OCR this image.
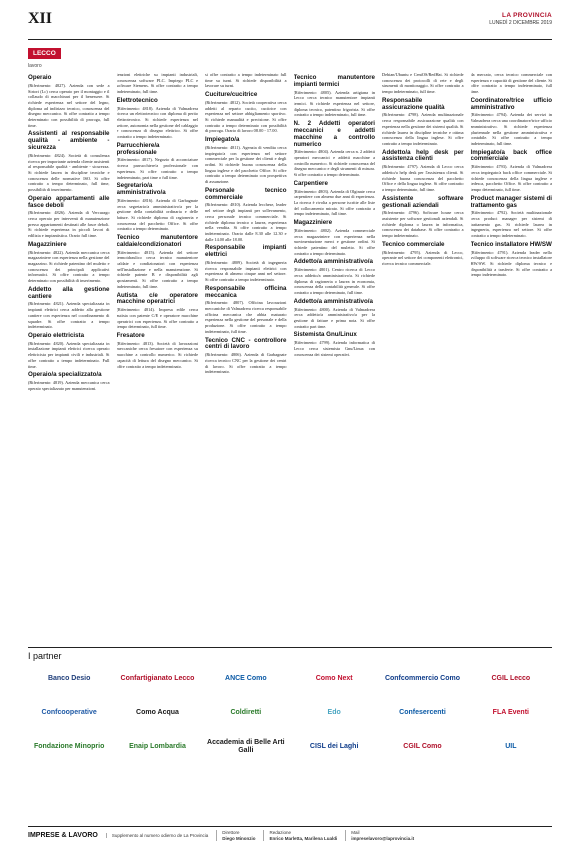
XII	LA PROVINCIA
LUNEDÌ 2 DICEMBRE 2019
LECCO
lavoro
Operaio

(Riferimento: 4827). Azienda con sede a Sirtori (Lc) cerca operaio per il montaggio e il collaudo di macchinari per il benessere. Si richiede esperienza nel settore del legno, diploma ad indirizzo tecnico, conoscenza del disegno meccanico. Si offre contratto a tempo determinato con possibilità di proroga, full time.

Assistenti al responsabile qualità - ambiente - sicurezza

(Riferimento: 4824). Società di consulenza ricerca per importante azienda cliente assistenti al responsabile qualità - ambiente - sicurezza. Si richiede laurea in discipline tecniche e conoscenza delle normative ISO. Si offre contratto a tempo determinato, full time, possibilità di inserimento.

Operaio appartamenti alle fasce deboli

(Riferimento: 4826). Azienda di Vercurago cerca operaio per interventi di manutenzione presso appartamenti destinati alle fasce deboli. Si richiede esperienza in piccoli lavori di edilizia e impiantistica. Orario full time.

Magazziniere

(Riferimento: 4822). Azienda meccanica cerca magazziniere con esperienza nella gestione del magazzino. Si richiede patentino del muletto e conoscenza dei principali applicativi informatici. Si offre contratto a tempo determinato con possibilità di inserimento.

Addetto alla gestione cantiere

(Riferimento: 4821). Azienda specializzata in impianti elettrici cerca addetto alla gestione cantiere con esperienza nel coordinamento di squadre. Si offre contratto a tempo indeterminato.

Operaio elettricista

(Riferimento: 4820). Azienda specializzata in installazione impianti elettrici ricerca operaio elettricista per impianti civili e industriali. Si offre contratto a tempo indeterminato. Full time.

Operaio/a specializzato/a

(Riferimento: 4819). Azienda meccanica cerca operaio specializzato per manutenzioni.

tenzioni elettriche su impianti industriali, conoscenza software PLC. Impiego PLC e software Siemens. Si offre contratto a tempo indeterminato, full time.

Elettrotecnico

(Riferimento: 4818). Azienda di Valmadrera ricerca un elettrotecnico con diploma di perito elettrotecnico. Si richiede esperienza nel settore, autonomia nella gestione del cablaggio e conoscenza di disegno elettrico. Si offre contratto a tempo indeterminato.

Parrucchiere/a professionale

(Riferimento: 4817). Negozio di acconciature ricerca parrucchiere/a professionale con esperienza. Si offre contratto a tempo indeterminato, part time o full time.

Segretario/a amministrativo/a

(Riferimento: 4816). Azienda di Garbagnate cerca segretario/a amministrativo/a per la gestione della contabilità ordinaria e delle fatture. Si richiede diploma di ragioneria e conoscenza del pacchetto Office. Si offre contratto a tempo determinato.

Tecnico manutentore caldaie/condizionatori

(Riferimento: 4815). Azienda del settore termoidraulico cerca tecnico manutentore caldaie e condizionatori con esperienza nell'installazione e nella manutenzione. Si richiede patente B e disponibilità agli spostamenti. Si offre contratto a tempo indeterminato, full time.

Autista c/e operatore macchine operatrici

(Riferimento: 4814). Impresa edile cerca autista con patente C/E e operatore macchine operatrici con esperienza. Si offre contratto a tempo determinato, full time.

Fresatore

(Riferimento: 4813). Società di lavorazioni meccaniche cerca fresatore con esperienza su macchine a controllo numerico. Si richiede capacità di lettura del disegno meccanico. Si offre contratto a tempo indeterminato.

si offre contratto a tempo indeterminato full time su turni. Si richiede disponibilità a lavorare su turni.

Cuciture/cucitrice

(Riferimento: 4812). Società cooperativa cerca addetti al reparto cucito, cucitrice con esperienza nel settore abbigliamento sportivo. Si richiede manualità e precisione. Si offre contratto a tempo determinato con possibilità di proroga. Orario di lavoro 08.00 - 17.00.

Impiegato/a

(Riferimento: 4811). Agenzia di vendita cerca impiegato/a con esperienza nel settore commerciale per la gestione dei clienti e degli ordini. Si richiede buona conoscenza della lingua inglese e del pacchetto Office. Si offre contratto a tempo determinato con prospettiva di assunzione.

Personale tecnico commerciale

(Riferimento: 4810). Azienda lecchese, leader nel settore degli impianti per sollevamento, cerca personale tecnico commerciale. Si richiede diploma tecnico o laurea, esperienza nella vendita. Si offre contratto a tempo indeterminato. Orario dalle 8.30 alle 12.30 e dalle 14.00 alle 18.00.

Responsabile impianti elettrici

(Riferimento: 4809). Società di ingegneria ricerca responsabile impianti elettrici con esperienza di almeno cinque anni nel settore. Si offre contratto a tempo indeterminato.

Responsabile officina meccanica

(Riferimento: 4807). Officina lavorazioni meccaniche di Valmadrera ricerca responsabile officina meccanica che abbia maturato esperienza nella gestione del personale e della produzione. Si offre contratto a tempo indeterminato, full time.

Tecnico CNC - controllore centri di lavoro

(Riferimento: 4806). Azienda di Garbagnate ricerca tecnico CNC per la gestione dei centri di lavoro. Si offre contratto a tempo indeterminato.

Tecnico manutentore impianti termici

(Riferimento: 4805). Azienda artigiana in Lecco cerca tecnico manutentore impianti termici. Si richiede esperienza nel settore, diploma tecnico, patentino frigorista. Si offre contratto a tempo indeterminato, full time.

N. 2 Addetti operatori meccanici e addetti macchine a controllo numerico

(Riferimento: 4804). Azienda cerca n. 2 addetti operatori meccanici e addetti macchine a controllo numerico. Si richiede conoscenza del disegno meccanico e degli strumenti di misura. Si offre contratto a tempo determinato.

Carpentiere

(Riferimento: 4803). Azienda di Olginate cerca carpentiere con almeno due anni di esperienza. La ricerca è rivolta a persone iscritte alle liste del collocamento mirato. Si offre contratto a tempo indeterminato, full time.

Magazziniere

(Riferimento: 4802). Azienda commerciale cerca magazziniere con esperienza nella movimentazione merci e gestione ordini. Si richiede patentino del muletto. Si offre contratto a tempo determinato.

Addetto/a amministrativo/a

(Riferimento: 4801). Centro ricerca di Lecco cerca addetto/a amministrativo/a. Si richiede diploma di ragioneria o laurea in economia, conoscenza della contabilità generale. Si offre contratto a tempo determinato, full time.

Addetto/a amministrativo/a

(Riferimento: 4800). Azienda di Valmadrera cerca addetto/a amministrativo/a per la gestione di fatture e prima nota. Si offre contratto part time.

Sistemista Gnu/Linux

(Riferimento: 4799). Azienda informatica di Lecco cerca sistemista Gnu/Linux con conoscenza dei sistemi operativi.

Debian/Ubuntu e CentOS/RedHat. Si richiede conoscenza dei protocolli di rete e degli strumenti di monitoraggio. Si offre contratto a tempo indeterminato, full time.

Responsabile assicurazione qualità

(Riferimento: 4798). Azienda multinazionale cerca responsabile assicurazione qualità con esperienza nella gestione dei sistemi qualità. Si richiede laurea in discipline tecniche e ottima conoscenza della lingua inglese. Si offre contratto a tempo indeterminato.

Addetto/a help desk per assistenza clienti

(Riferimento: 4797). Azienda di Lecco cerca addetto/a help desk per l'assistenza clienti. Si richiede buona conoscenza del pacchetto Office e della lingua inglese. Si offre contratto a tempo determinato, full time.

Assistente software gestionali aziendali

(Riferimento: 4796). Software house cerca assistente per software gestionali aziendali. Si richiede diploma o laurea in informatica, conoscenza dei database. Si offre contratto a tempo indeterminato.

Tecnico commerciale

(Riferimento: 4795). Azienda di Lecco, operante nel settore dei componenti elettronici, ricerca tecnico commerciale.

da mercato, cerca tecnico commerciale con esperienza e capacità di gestione del cliente. Si offre contratto a tempo indeterminato, full time.

Coordinatore/trice ufficio amministrativo

(Riferimento: 4794). Azienda dei servizi in Valmadrera cerca una coordinatore/trice ufficio amministrativo. Si richiede esperienza pluriennale nella gestione amministrativa e contabile. Si offre contratto a tempo indeterminato, full time.

Impiegato/a back office commerciale

(Riferimento: 4793). Azienda di Valmadrera cerca impiegato/a back office commerciale. Si richiede conoscenza della lingua inglese e tedesca, pacchetto Office. Si offre contratto a tempo determinato, full time.

Product manager sistemi di trattamento gas

(Riferimento: 4792). Società multinazionale cerca product manager per sistemi di trattamento gas. Si richiede laurea in ingegneria, esperienza nel settore. Si offre contratto a tempo indeterminato.

Tecnico installatore HW/SW

(Riferimento: 4791). Azienda leader nello sviluppo di software ricerca tecnico installatore HW/SW. Si richiede diploma tecnico e disponibilità a trasferte. Si offre contratto a tempo indeterminato.

I partner
Banco Desio	Confartigianato Lecco	ANCE Como	Como Next	Confcommercio Como	CGIL Lecco
Confcooperative	Como Acqua	Coldiretti	Edo	Confesercenti	FLA Eventi
Fondazione Minoprio	Enaip Lombardia
Accademia di Belle Arti Galli
CISL dei Laghi	CGIL Como	UIL
IMPRESE & LAVORO	Supplemento al numero odierno de La Provincia
Direttore
Diego Minonzio
Redazione
Enrico Marletta, Marilena Lualdi
Mail
impreselavoro@laprovincia.it
